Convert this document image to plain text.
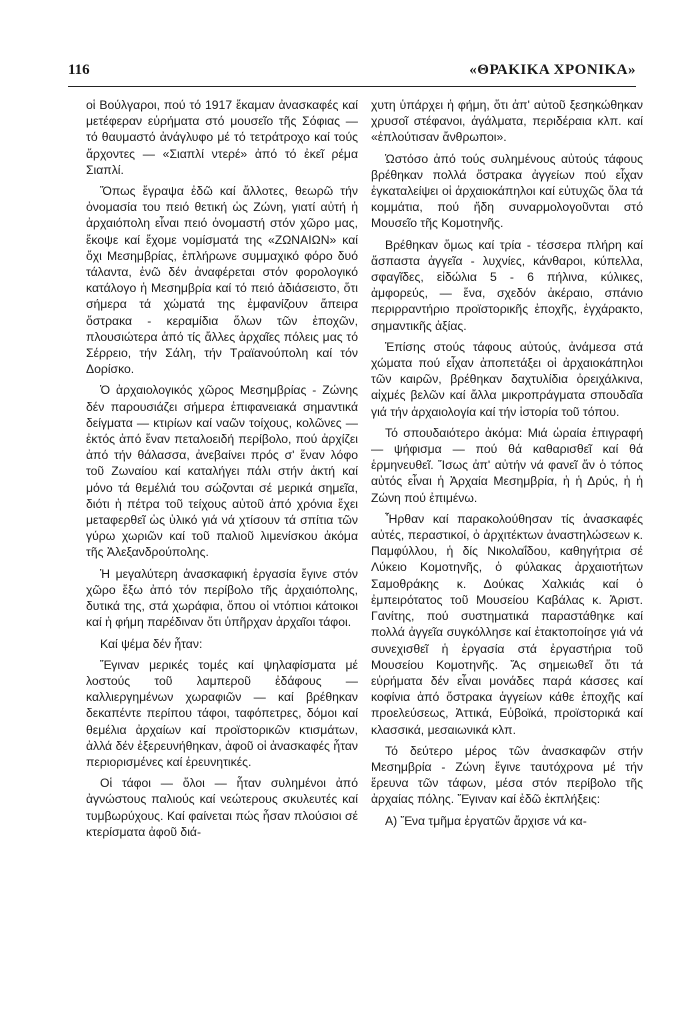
116	«ΘΡΑΚΙΚΑ ΧΡΟΝΙΚΑ»

οἱ Βούλγαροι, πού τό 1917 ἔκαμαν ἀνασκαφές καί μετέφεραν εὑρήματα στό μουσεῖο τῆς Σόφιας — τό θαυμαστό ἀνάγλυφο μέ τό τετράτροχο καί τούς ἄρχοντες — «Σιαπλί ντερέ» ἀπό τό ἐκεῖ ρέμα Σιαπλί.

Ὅπως ἔγραψα ἐδῶ καί ἄλλοτες, θεωρῶ τήν ὀνομασία του πειό θετική ὡς Ζώνη, γιατί αὐτή ἡ ἀρχαιόπολη εἶναι πειό ὀνομαστή στόν χῶρο μας, ἔκοψε καί ἔχομε νομίσματά της «ΖΩΝΑΙΩΝ» καί ὄχι Μεσημβρίας, ἐπλήρωνε συμμαχικό φόρο δυό τάλαντα, ἐνῶ δέν ἀναφέρεται στόν φορολογικό κατάλογο ἡ Μεσημβρία καί τό πειό ἀδιάσειστο, ὅτι σήμερα τά χώματά της ἐμφανίζουν ἄπειρα ὄστρακα - κεραμίδια ὅλων τῶν ἐποχῶν, πλουσιώτερα ἀπό τίς ἄλλες ἀρχαῖες πόλεις μας τό Σέρρειο, τήν Σάλη, τήν Τραϊανούπολη καί τόν Δορίσκο.

Ὁ ἀρχαιολογικός χῶρος Μεσημβρίας - Ζώνης δέν παρουσιάζει σήμερα ἐπιφανειακά σημαντικά δείγματα — κτιρίων καί ναῶν τοίχους, κολῶνες — ἐκτός ἀπό ἕναν πεταλοειδή περίβολο, πού ἀρχίζει ἀπό τήν θάλασσα, ἀνεβαίνει πρός σ' ἕναν λόφο τοῦ Ζωναίου καί καταλήγει πάλι στήν ἀκτή καί μόνο τά θεμέλιά του σώζονται σέ μερικά σημεῖα, διότι ἡ πέτρα τοῦ τείχους αὐτοῦ ἀπό χρόνια ἔχει μεταφερθεῖ ὡς ὑλικό γιά νά χτίσουν τά σπίτια τῶν γύρω χωριῶν καί τοῦ παλιοῦ λιμενίσκου ἀκόμα τῆς Ἀλεξανδρούπολης.

Ἡ μεγαλύτερη ἀνασκαφική ἐργασία ἔγινε στόν χῶρο ἔξω ἀπό τόν περίβολο τῆς ἀρχαιόπολης, δυτικά της, στά χωράφια, ὅπου οἱ ντόπιοι κάτοικοι καί ἡ φήμη παρέδιναν ὅτι ὑπῆρχαν ἀρχαῖοι τάφοι.

Καί ψέμα δέν ἦταν:

Ἔγιναν μερικές τομές καί ψηλαφίσματα μέ λοστούς τοῦ λαμπεροῦ ἐδάφους — καλλιεργημένων χωραφιῶν — καί βρέθηκαν δεκαπέντε περίπου τάφοι, ταφόπετρες, δόμοι καί θεμέλια ἀρχαίων καί προϊστορικῶν κτισμάτων, ἀλλά δέν ἐξερευνήθηκαν, ἀφοῦ οἱ ἀνασκαφές ἦταν περιορισμένες καί ἐρευνητικές.

Οἱ τάφοι — ὅλοι — ἦταν συλημένοι ἀπό ἀγνώστους παλιούς καί νεώτερους σκυλευτές καί τυμβωρύχους. Καί φαίνεται πώς ἦσαν πλούσιοι σέ κτερίσματα ἀφοῦ διά-

χυτη ὑπάρχει ἡ φήμη, ὅτι ἀπ' αὐτοῦ ξεσηκώθηκαν χρυσοῖ στέφανοι, ἀγάλματα, περιδέραια κλπ. καί «ἐπλούτισαν ἄνθρωποι».

Ὡστόσο ἀπό τούς συλημένους αὐτούς τάφους βρέθηκαν πολλά ὄστρακα ἀγγείων πού εἶχαν ἐγκαταλείψει οἱ ἀρχαιοκάπηλοι καί εὐτυχῶς ὅλα τά κομμάτια, πού ἤδη συναρμολογοῦνται στό Μουσεῖο τῆς Κομοτηνῆς.

Βρέθηκαν ὅμως καί τρία - τέσσερα πλήρη καί ἄσπαστα ἀγγεῖα - λυχνίες, κάνθαροι, κύπελλα, σφαγῖδες, εἰδώλια 5 - 6 πήλινα, κύλικες, ἀμφορεύς, — ἕνα, σχεδόν ἀκέραιο, σπάνιο περιρραντήριο προϊστορικῆς ἐποχῆς, ἐγχάρακτο, σημαντικῆς ἀξίας.

Ἐπίσης στούς τάφους αὐτούς, ἀνάμεσα στά χώματα πού εἶχαν ἀποπετάξει οἱ ἀρχαιοκάπηλοι τῶν καιρῶν, βρέθηκαν δαχτυλίδια ὀρειχάλκινα, αἰχμές βελῶν καί ἄλλα μικροπράγματα σπουδαῖα γιά τήν ἀρχαιολογία καί τήν ἱστορία τοῦ τόπου.

Τό σπουδαιότερο ἀκόμα: Μιά ὡραία ἐπιγραφή — ψήφισμα — πού θά καθαρισθεῖ καί θά ἑρμηνευθεῖ. Ἴσως ἀπ' αὐτήν νά φανεῖ ἄν ὁ τόπος αὐτός εἶναι ἡ Ἀρχαία Μεσημβρία, ἡ ἡ Δρύς, ἡ ἡ Ζώνη πού ἐπιμένω.

Ἦρθαν καί παρακολούθησαν τίς ἀνασκαφές αὐτές, περαστικοί, ὁ ἀρχιτέκτων ἀναστηλώσεων κ. Παμφύλλου, ἡ δίς Νικολαΐδου, καθηγήτρια σέ Λύκειο Κομοτηνῆς, ὁ φύλακας ἀρχαιοτήτων Σαμοθράκης κ. Δούκας Χαλκιάς καί ὁ ἐμπειρότατος τοῦ Μουσείου Καβάλας κ. Ἀριστ. Γανίτης, πού συστηματικά παραστάθηκε καί πολλά ἀγγεῖα συγκόλλησε καί ἐτακτοποίησε γιά νά συνεχισθεῖ ἡ ἐργασία στά ἐργαστήρια τοῦ Μουσείου Κομοτηνῆς. Ἄς σημειωθεῖ ὅτι τά εὑρήματα δέν εἶναι μονάδες παρά κάσσες καί κοφίνια ἀπό ὄστρακα ἀγγείων κάθε ἐποχῆς καί προελεύσεως, Ἀττικά, Εὐβοϊκά, προϊστορικά καί κλασσικά, μεσαιωνικά κλπ.

Τό δεύτερο μέρος τῶν ἀνασκαφῶν στήν Μεσημβρία - Ζώνη ἔγινε ταυτόχρονα μέ τήν ἔρευνα τῶν τάφων, μέσα στόν περίβολο τῆς ἀρχαίας πόλης. Ἔγιναν καί ἐδῶ ἐκπλήξεις:

Α) Ἕνα τμῆμα ἐργατῶν ἄρχισε νά κα-
